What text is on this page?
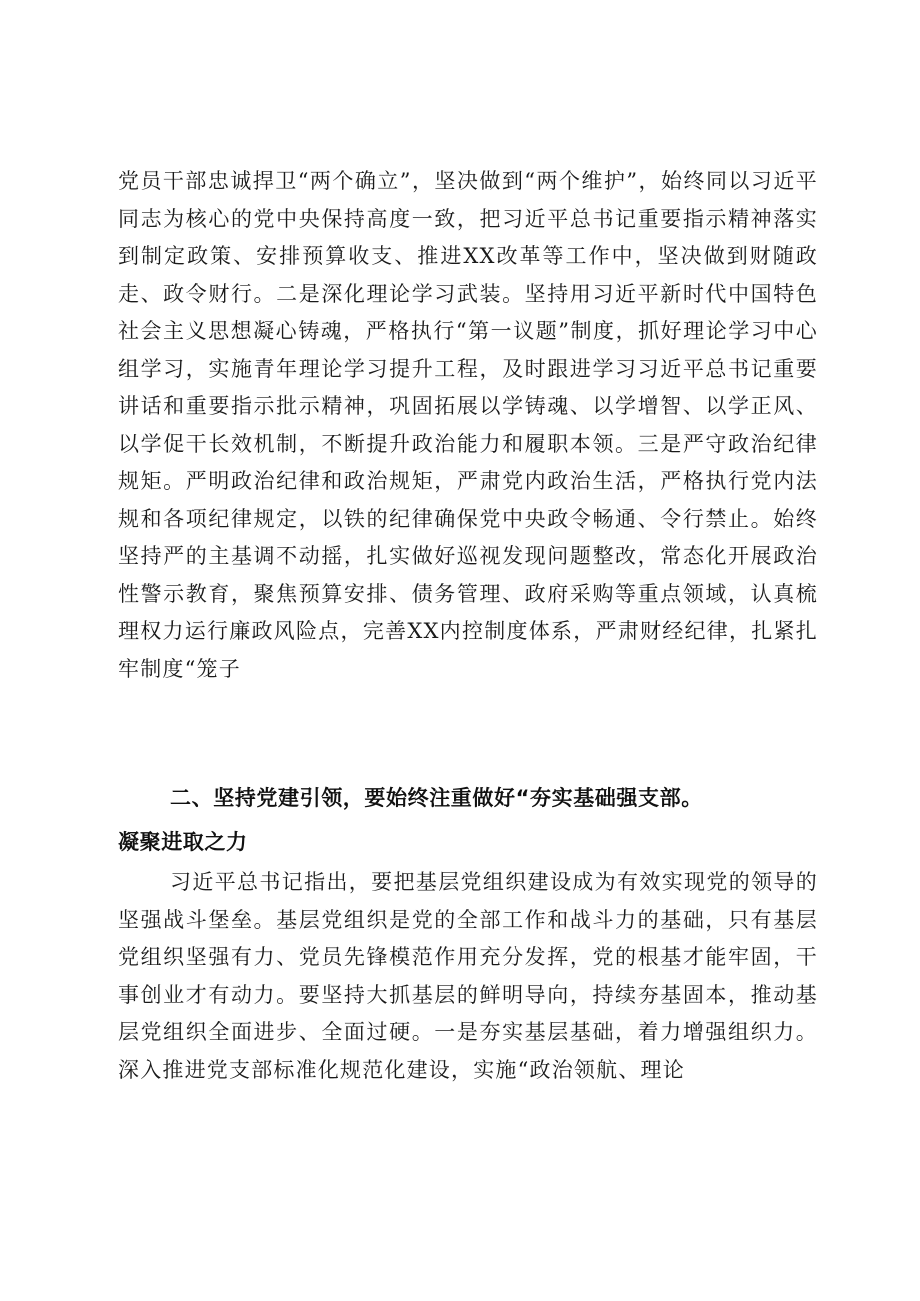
党员干部忠诚捍卫“两个确立”，坚决做到“两个维护”，始终同以习近平同志为核心的党中央保持高度一致，把习近平总书记重要指示精神落实到制定政策、安排预算收支、推进XX改革等工作中，坚决做到财随政走、政令财行。二是深化理论学习武装。坚持用习近平新时代中国特色社会主义思想凝心铸魂，严格执行“第一议题”制度，抓好理论学习中心组学习，实施青年理论学习提升工程，及时跟进学习习近平总书记重要讲话和重要指示批示精神，巩固拓展以学铸魂、以学增智、以学正风、以学促干长效机制，不断提升政治能力和履职本领。三是严守政治纪律规矩。严明政治纪律和政治规矩，严肃党内政治生活，严格执行党内法规和各项纪律规定，以铁的纪律确保党中央政令畅通、令行禁止。始终坚持严的主基调不动摇，扎实做好巡视发现问题整改，常态化开展政治性警示教育，聚焦预算安排、债务管理、政府采购等重点领域，认真梳理权力运行廉政风险点，完善XX内控制度体系，严肃财经纪律，扎紧扎牢制度“笼子

二、坚持党建引领，要始终注重做好“夯实基础强支部。

凝聚进取之力

习近平总书记指出，要把基层党组织建设成为有效实现党的领导的坚强战斗堡垒。基层党组织是党的全部工作和战斗力的基础，只有基层党组织坚强有力、党员先锋模范作用充分发挥，党的根基才能牢固，干事创业才有动力。要坚持大抓基层的鲜明导向，持续夯基固本，推动基层党组织全面进步、全面过硬。一是夯实基层基础，着力增强组织力。深入推进党支部标准化规范化建设，实施“政治领航、理论
